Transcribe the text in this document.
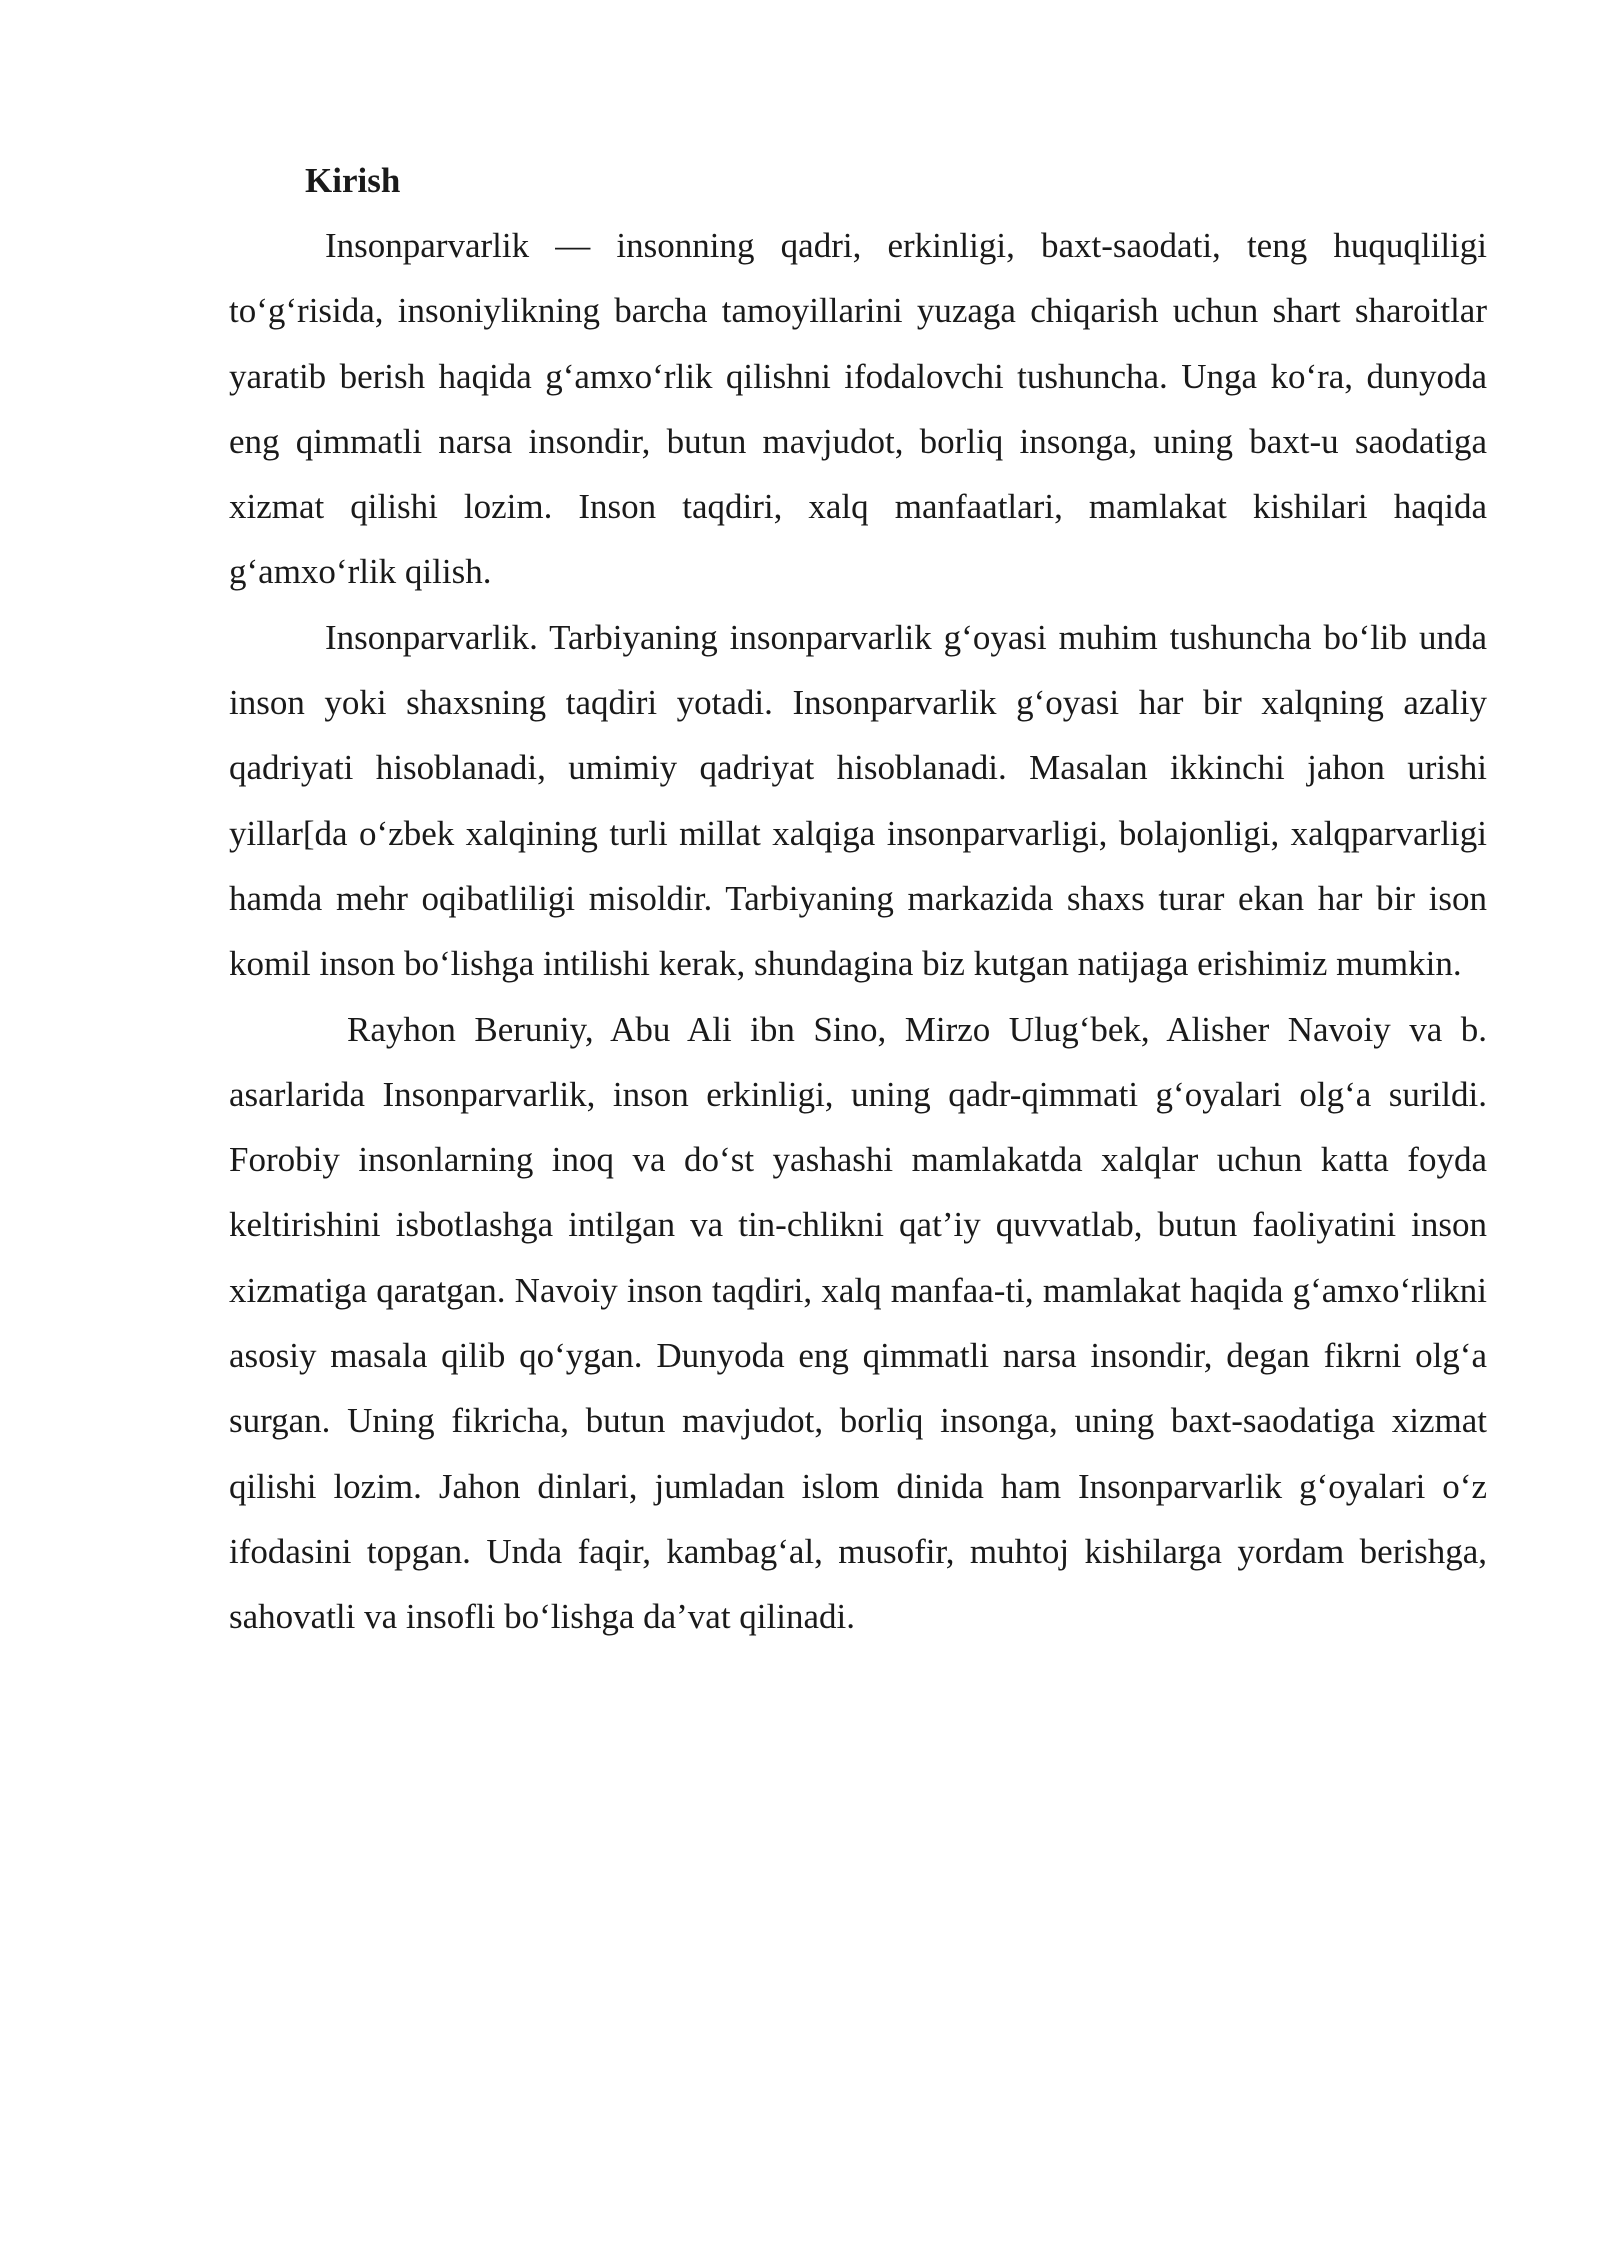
Kirish

Insonparvarlik — insonning qadri, erkinligi, baxt-saodati, teng huquqliligi to‘g‘risida, insoniylikning barcha tamoyillarini yuzaga chiqarish uchun shart sharoitlar yaratib berish haqida g‘amxo‘rlik qilishni ifodalovchi tushuncha. Unga ko‘ra, dunyoda eng qimmatli narsa insondir, butun mavjudot, borliq insonga, uning baxt-u saodatiga xizmat qilishi lozim. Inson taqdiri, xalq manfaatlari, mamlakat kishilari haqida g‘amxo‘rlik qilish.

Insonparvarlik. Tarbiyaning insonparvarlik g‘oyasi muhim tushuncha bo‘lib unda inson yoki shaxsning taqdiri yotadi. Insonparvarlik g‘oyasi har bir xalqning azaliy qadriyati hisoblanadi, umimiy qadriyat hisoblanadi. Masalan ikkinchi jahon urishi yillar[da o‘zbek xalqining turli millat xalqiga insonparvarligi, bolajonligi, xalqparvarligi hamda mehr oqibatliligi misoldir. Tarbiyaning markazida shaxs turar ekan har bir ison komil inson bo‘lishga intilishi kerak, shundagina biz kutgan natijaga erishimiz mumkin.

Rayhon Beruniy, Abu Ali ibn Sino, Mirzo Ulug‘bek, Alisher Navoiy va b. asarlarida Insonparvarlik, inson erkinligi, uning qadr-qimmati g‘oyalari olg‘a surildi. Forobiy insonlarning inoq va do‘st yashashi mamlakatda xalqlar uchun katta foyda keltirishini isbotlashga intilgan va tin-chlikni qat’iy quvvatlab, butun faoliyatini inson xizmatiga qaratgan. Navoiy inson taqdiri, xalq manfaa-ti, mamlakat haqida g‘amxo‘rlikni asosiy masala qilib qo‘ygan. Dunyoda eng qimmatli narsa insondir, degan fikrni olg‘a surgan. Uning fikricha, butun mavjudot, borliq insonga, uning baxt-saodatiga xizmat qilishi lozim. Jahon dinlari, jumladan islom dinida ham Insonparvarlik g‘oyalari o‘z ifodasini topgan. Unda faqir, kambag‘al, musofir, muhtoj kishilarga yordam berishga, sahovatli va insofli bo‘lishga da’vat qilinadi.
